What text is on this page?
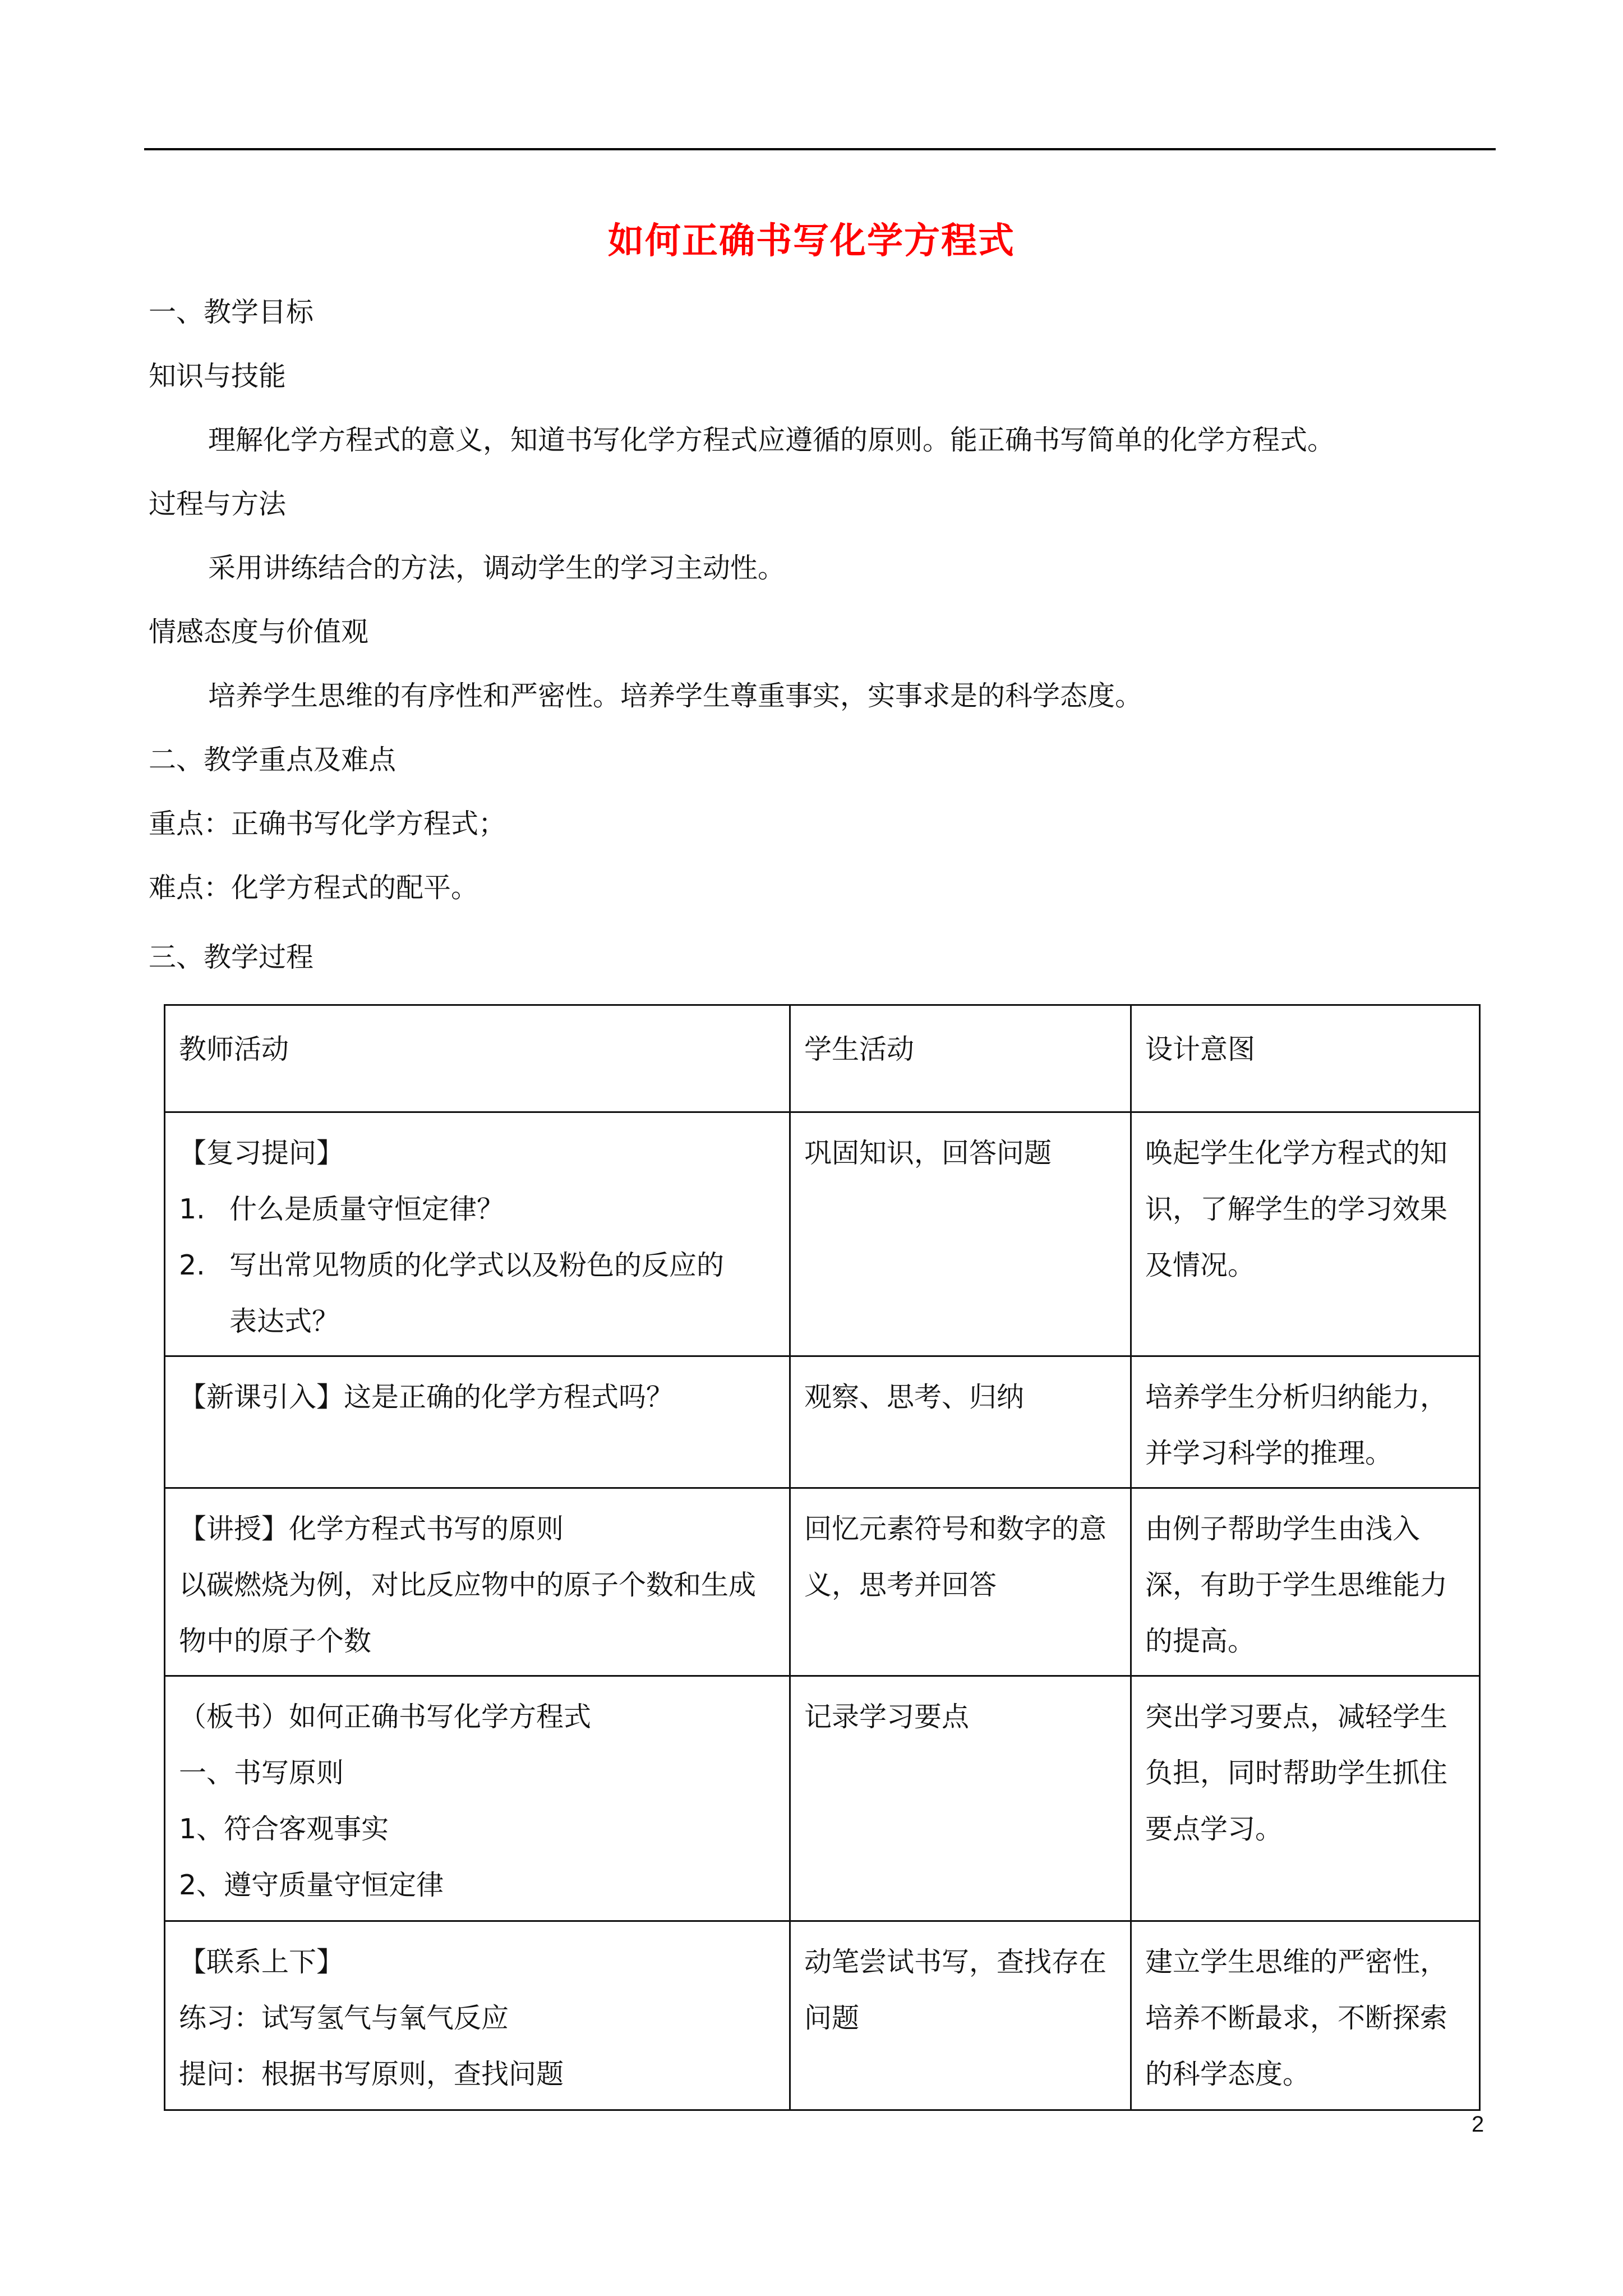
如何正确书写化学方程式
一、教学目标
知识与技能
理解化学方程式的意义，知道书写化学方程式应遵循的原则。能正确书写简单的化学方程式。
过程与方法
采用讲练结合的方法，调动学生的学习主动性。
情感态度与价值观
培养学生思维的有序性和严密性。培养学生尊重事实，实事求是的科学态度。
二、教学重点及难点
重点：正确书写化学方程式；
难点：化学方程式的配平。
三、教学过程
教师活动	学生活动	设计意图

【复习提问】
1. 什么是质量守恒定律？
2. 写出常见物质的化学式以及粉色的反应的
表达式？	巩固知识，回答问题	唤起学生化学方程式的知识，了解学生的学习效果及情况。

【新课引入】这是正确的化学方程式吗？	观察、思考、归纳	培养学生分析归纳能力，并学习科学的推理。

【讲授】化学方程式书写的原则
以碳燃烧为例，对比反应物中的原子个数和生成
物中的原子个数	回忆元素符号和数字的意义，思考并回答	由例子帮助学生由浅入深，有助于学生思维能力的提高。

（板书）如何正确书写化学方程式
一、书写原则
1、符合客观事实
2、遵守质量守恒定律	记录学习要点	突出学习要点，减轻学生负担，同时帮助学生抓住要点学习。

【联系上下】
练习：试写氢气与氧气反应
提问：根据书写原则，查找问题	动笔尝试书写，查找存在问题	建立学生思维的严密性，培养不断最求，不断探索的科学态度。
2
